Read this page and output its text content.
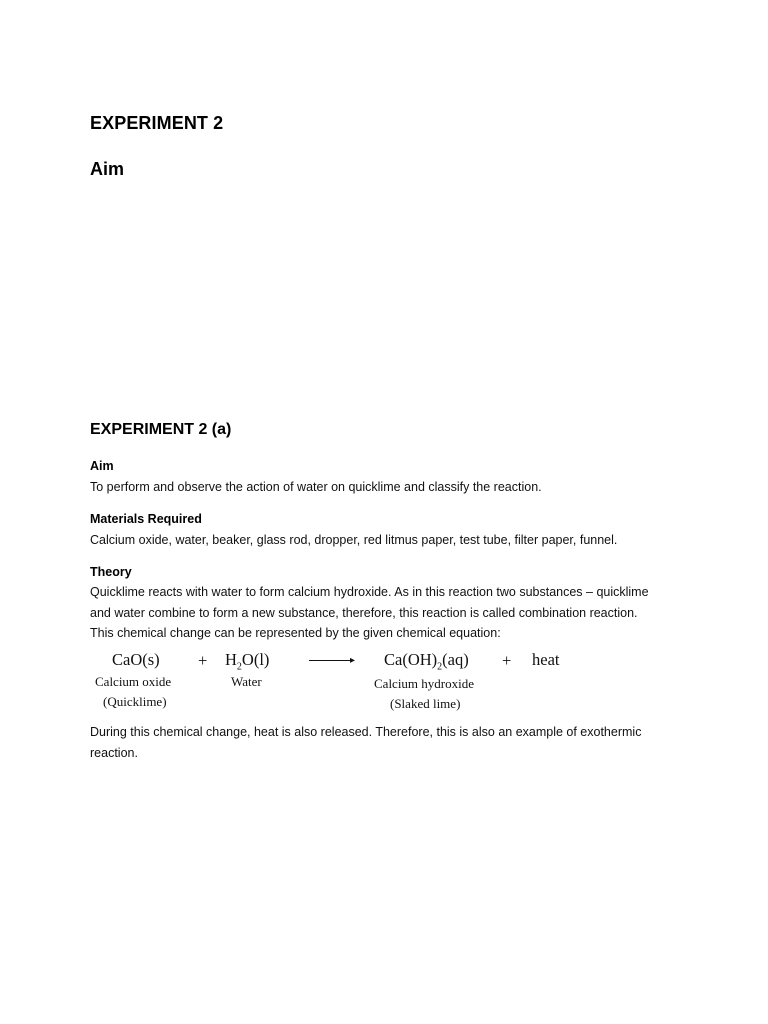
EXPERIMENT 2
Aim
EXPERIMENT 2 (a)
Aim
To perform and observe the action of water on quicklime and classify the reaction.
Materials Required
Calcium oxide, water, beaker, glass rod, dropper, red litmus paper, test tube, filter paper, funnel.
Theory
Quicklime reacts with water to form calcium hydroxide. As in this reaction two substances – quicklime
and water combine to form a new substance, therefore, this reaction is called combination reaction.
This chemical change can be represented by the given chemical equation:
CaO(s)
Calcium oxide
(Quicklime)
+ $H_2O(l)$
Water
▸ $Ca(OH)_2(aq)$
Calcium hydroxide
(Slaked lime)
+ heat
During this chemical change, heat is also released. Therefore, this is also an example of exothermic
reaction.
